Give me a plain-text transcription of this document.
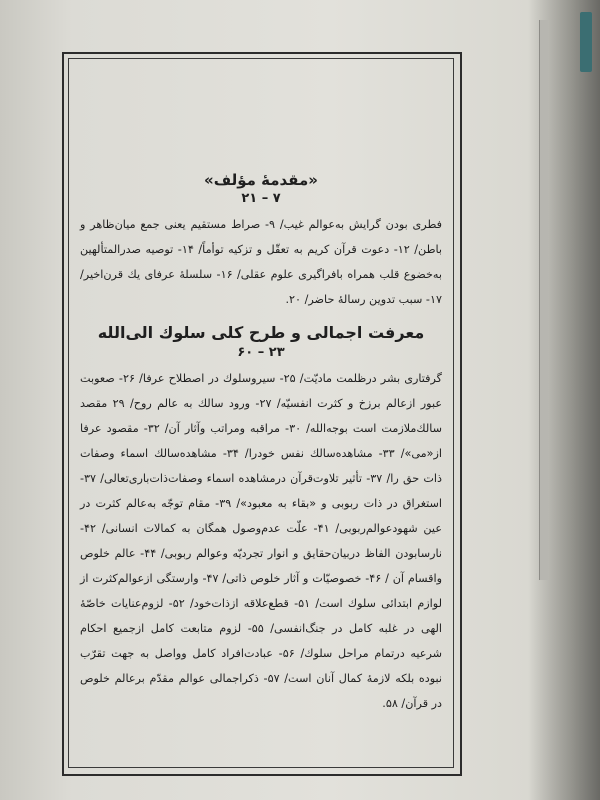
«مقدمهٔ مؤلف»
۷ – ۲۱
فطری بودن گرایش به‌عوالم غیب/ ۹- صراط مستقیم یعنی جمع میان‌ظاهر و باطن/ ۱۲- دعوت قرآن کریم به تعقّل و تزکیه توأماً/ ۱۴- توصیه صدرالمتألهین به‌خضوع قلب همراه بافراگیری علوم عقلی/ ۱۶- سلسلهٔ عرفای یك قرن‌اخیر/ ۱۷- سبب تدوین رسالهٔ حاضر/ ۲۰.
معرفت اجمالی و طرح کلی سلوك الی‌الله
۲۳ – ۶۰
گرفتاری بشر درظلمت مادیّت/ ۲۵- سیروسلوك در اصطلاح عرفا/ ۲۶- صعوبت عبور ازعالم برزخ و کثرت انفسیّه/ ۲۷- ورود سالك به عالم روح/ ۲۹ مقصد سالك‌ملازمت است بوجه‌الله/ ۳۰- مراقبه ومراتب وآثار آن/ ۳۲- مقصود عرفا از«می»/ ۳۳- مشاهده‌سالك نفس خودرا/ ۳۴- مشاهده‌سالك اسماء وصفات ذات حق را/ ۳۷- تأثیر تلاوت‌قرآن درمشاهده اسماء وصفات‌ذات‌باری‌تعالی/ ۳۷- استغراق در ذات ربوبی و «بقاء به معبود»/ ۳۹- مقام توجّه به‌عالم کثرت در عین شهودعوالم‌ربوبی/ ۴۱- علّت عدم‌وصول همگان به کمالات انسانی/ ۴۲- نارسابودن الفاظ دربیان‌حقایق و انوار تجردیّه وعوالم ربوبی/ ۴۴- عالم خلوص واقسام آن / ۴۶- خصوصیّات و آثار خلوص ذاتی/ ۴۷- وارستگی ازعوالم‌کثرت از لوازم ابتدائی سلوك است/ ۵۱- قطع‌علاقه ازذات‌خود/ ۵۲- لزوم‌عنایات خاصّهٔ الهی در غلبه کامل در جنگ‌انفسی/ ۵۵- لزوم متابعت کامل ازجمیع احکام شرعیه درتمام مراحل سلوك/ ۵۶- عبادت‌افراد کامل وواصل به جهت تقرّب نبوده بلکه لازمهٔ کمال آنان است/ ۵۷- ذکراجمالی عوالم مقدّم برعالم خلوص در قرآن/ ۵۸.
